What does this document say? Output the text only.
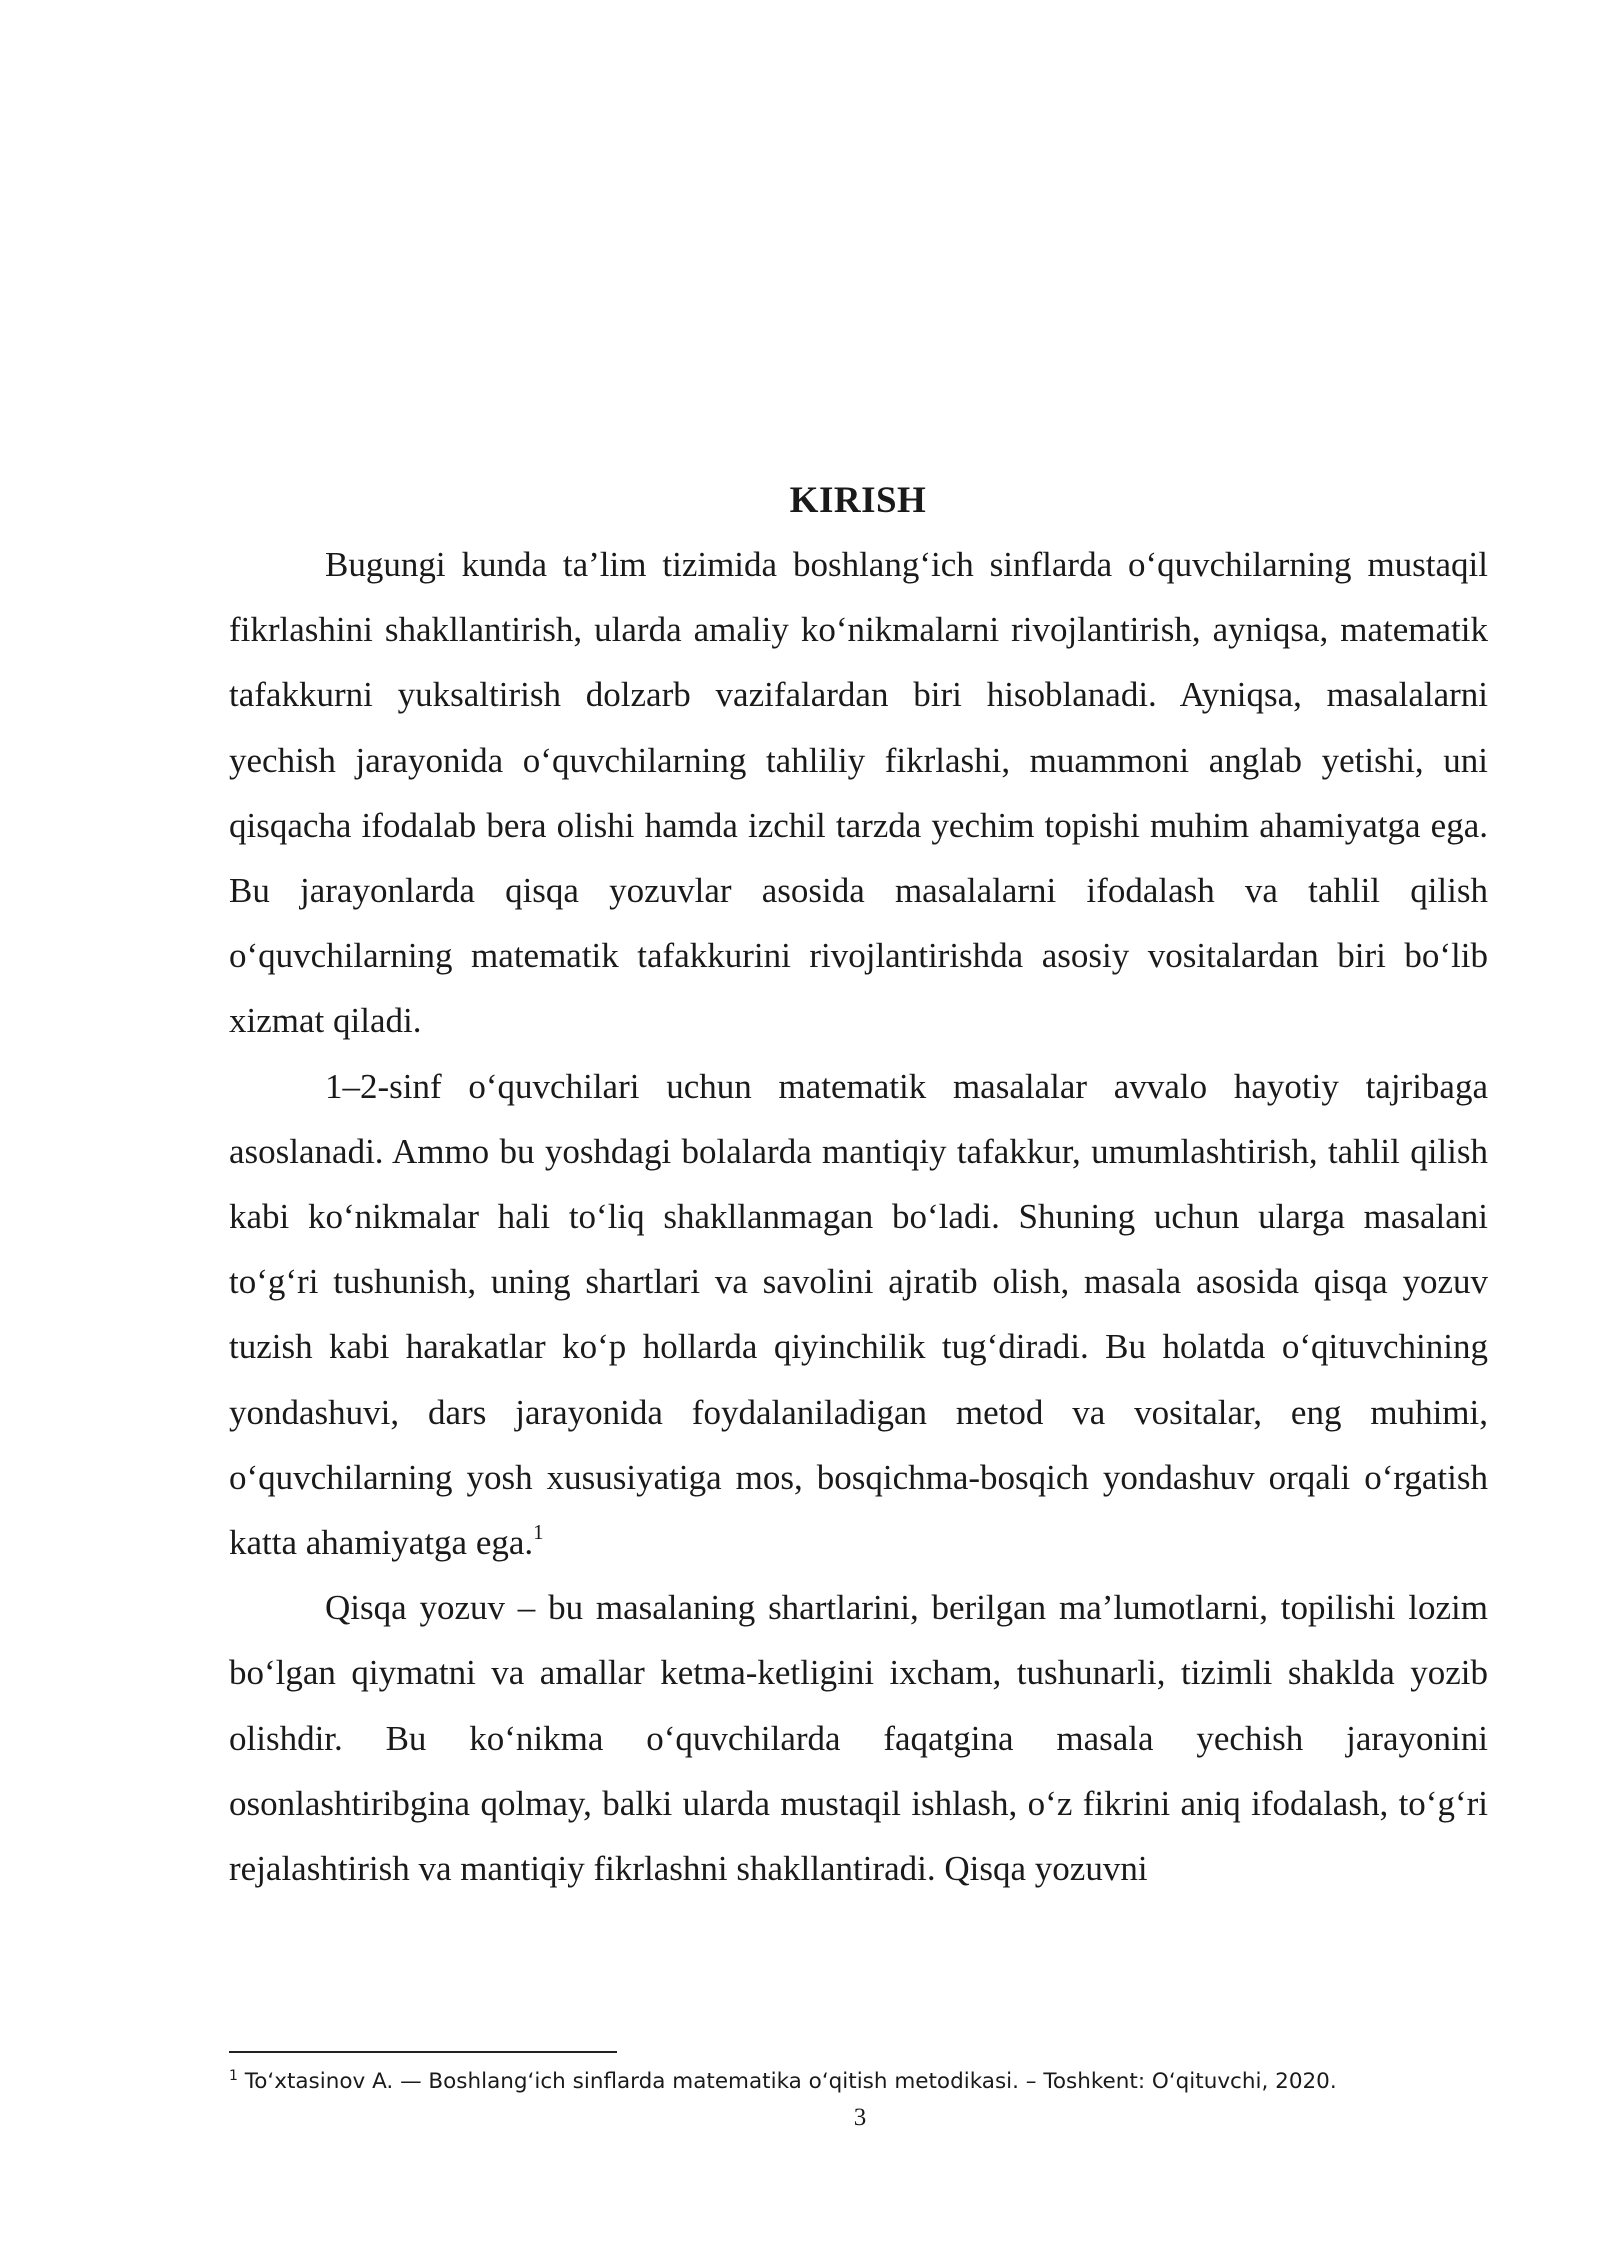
KIRISH

Bugungi kunda ta’lim tizimida boshlang‘ich sinflarda o‘quvchilarning mustaqil fikrlashini shakllantirish, ularda amaliy ko‘nikmalarni rivojlantirish, ayniqsa, matematik tafakkurni yuksaltirish dolzarb vazifalardan biri hisoblanadi. Ayniqsa, masalalarni yechish jarayonida o‘quvchilarning tahliliy fikrlashi, muammoni anglab yetishi, uni qisqacha ifodalab bera olishi hamda izchil tarzda yechim topishi muhim ahamiyatga ega. Bu jarayonlarda qisqa yozuvlar asosida masalalarni ifodalash va tahlil qilish o‘quvchilarning matematik tafakkurini rivojlantirishda asosiy vositalardan biri bo‘lib xizmat qiladi.

1–2-sinf o‘quvchilari uchun matematik masalalar avvalo hayotiy tajribaga asoslanadi. Ammo bu yoshdagi bolalarda mantiqiy tafakkur, umumlashtirish, tahlil qilish kabi ko‘nikmalar hali to‘liq shakllanmagan bo‘ladi. Shuning uchun ularga masalani to‘g‘ri tushunish, uning shartlari va savolini ajratib olish, masala asosida qisqa yozuv tuzish kabi harakatlar ko‘p hollarda qiyinchilik tug‘diradi. Bu holatda o‘qituvchining yondashuvi, dars jarayonida foydalaniladigan metod va vositalar, eng muhimi, o‘quvchilarning yosh xususiyatiga mos, bosqichma-bosqich yondashuv orqali o‘rgatish katta ahamiyatga ega.$^1$

Qisqa yozuv – bu masalaning shartlarini, berilgan ma’lumotlarni, topilishi lozim bo‘lgan qiymatni va amallar ketma-ketligini ixcham, tushunarli, tizimli shaklda yozib olishdir. Bu ko‘nikma o‘quvchilarda faqatgina masala yechish jarayonini osonlashtiribgina qolmay, balki ularda mustaqil ishlash, o‘z fikrini aniq ifodalash, to‘g‘ri rejalashtirish va mantiqiy fikrlashni shakllantiradi. Qisqa yozuvni

$^1$ To‘xtasinov A. — Boshlang‘ich sinflarda matematika o‘qitish metodikasi. – Toshkent: O‘qituvchi, 2020.

3
